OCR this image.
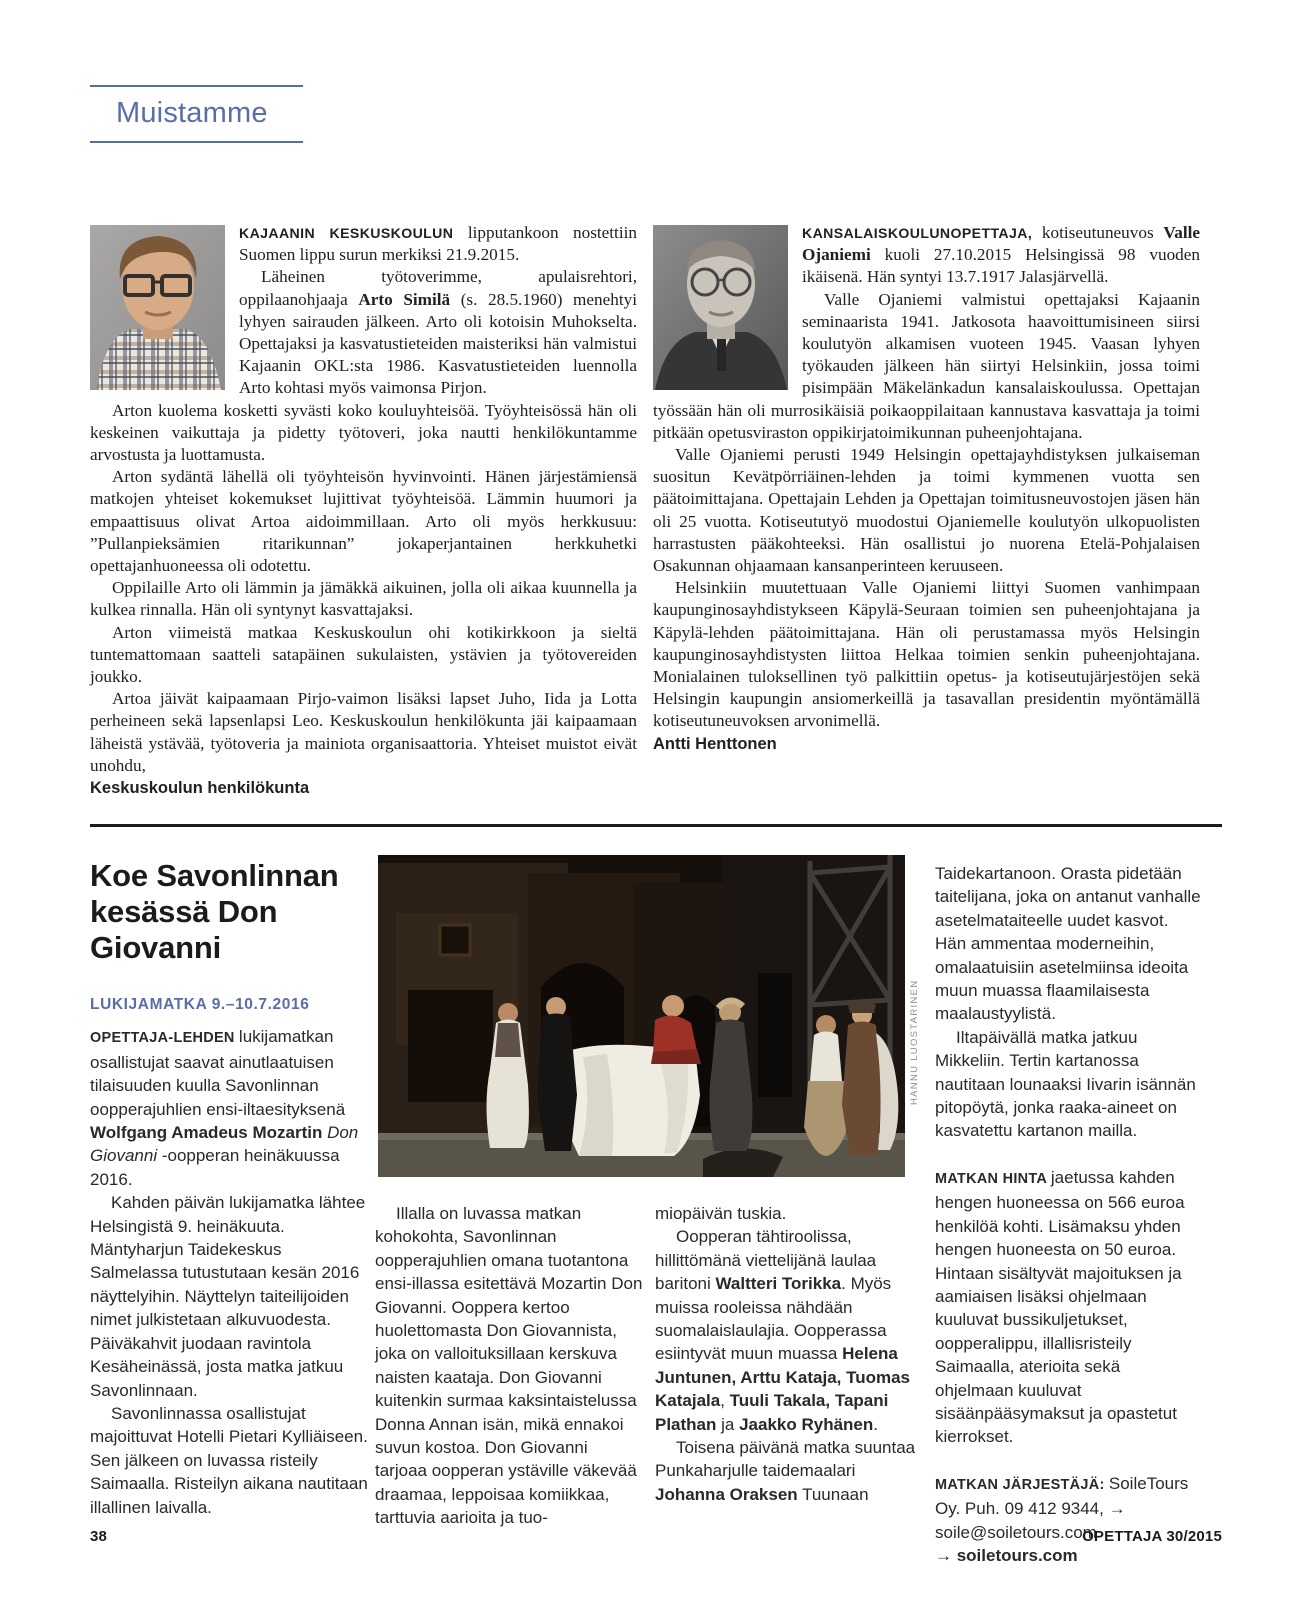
Muistamme

KAJAANIN KESKUSKOULUN lipputankoon nostettiin Suomen lippu surun merkiksi 21.9.2015.

Läheinen työtoverimme, apulaisrehtori, oppilaanohjaaja Arto Similä (s. 28.5.1960) menehtyi lyhyen sairauden jälkeen. Arto oli kotoisin Muhokselta. Opettajaksi ja kasvatustieteiden maisteriksi hän valmistui Kajaanin OKL:sta 1986. Kasvatustieteiden luennolla Arto kohtasi myös vaimonsa Pirjon.

Arton kuolema kosketti syvästi koko kouluyhteisöä. Työyhteisössä hän oli keskeinen vaikuttaja ja pidetty työtoveri, joka nautti henkilökuntamme arvostusta ja luottamusta.

Arton sydäntä lähellä oli työyhteisön hyvinvointi. Hänen järjestämiensä matkojen yhteiset kokemukset lujittivat työyhteisöä. Lämmin huumori ja empaattisuus olivat Artoa aidoimmillaan. Arto oli myös herkkusuu: ”Pullanpieksämien ritarikunnan” jokaperjantainen herkkuhetki opettajanhuoneessa oli odotettu.

Oppilaille Arto oli lämmin ja jämäkkä aikuinen, jolla oli aikaa kuunnella ja kulkea rinnalla. Hän oli syntynyt kasvattajaksi.

Arton viimeistä matkaa Keskuskoulun ohi kotikirkkoon ja sieltä tuntemattomaan saatteli satapäinen sukulaisten, ystävien ja työtovereiden joukko.

Artoa jäivät kaipaamaan Pirjo-vaimon lisäksi lapset Juho, Iida ja Lotta perheineen sekä lapsenlapsi Leo. Keskuskoulun henkilökunta jäi kaipaamaan läheistä ystävää, työtoveria ja mainiota organisaattoria. Yhteiset muistot eivät unohdu,

Keskuskoulun henkilökunta

KANSALAISKOULUNOPETTAJA, kotiseutuneuvos Valle Ojaniemi kuoli 27.10.2015 Helsingissä 98 vuoden ikäisenä. Hän syntyi 13.7.1917 Jalasjärvellä.

Valle Ojaniemi valmistui opettajaksi Kajaanin seminaarista 1941. Jatkosota haavoittumisineen siirsi koulutyön alkamisen vuoteen 1945. Vaasan lyhyen työkauden jälkeen hän siirtyi Helsinkiin, jossa toimi pisimpään Mäkelänkadun kansalaiskoulussa. Opettajan työssään hän oli murrosikäisiä poikaoppilaitaan kannustava kasvattaja ja toimi pitkään opetusviraston oppikirjatoimikunnan puheenjohtajana.

Valle Ojaniemi perusti 1949 Helsingin opettajayhdistyksen julkaiseman suositun Kevätpörriäinen-lehden ja toimi kymmenen vuotta sen päätoimittajana. Opettajain Lehden ja Opettajan toimitusneuvostojen jäsen hän oli 25 vuotta. Kotiseututyö muodostui Ojaniemelle koulutyön ulkopuolisten harrastusten pääkohteeksi. Hän osallistui jo nuorena Etelä-Pohjalaisen Osakunnan ohjaamaan kansanperinteen keruuseen.

Helsinkiin muutettuaan Valle Ojaniemi liittyi Suomen vanhimpaan kaupunginosayhdistykseen Käpylä-Seuraan toimien sen puheenjohtajana ja Käpylä-lehden päätoimittajana. Hän oli perustamassa myös Helsingin kaupunginosayhdistysten liittoa Helkaa toimien senkin puheenjohtajana. Monialainen tuloksellinen työ palkittiin opetus- ja kotiseutujärjestöjen sekä Helsingin kaupungin ansiomerkeillä ja tasavallan presidentin myöntämällä kotiseutuneuvoksen arvonimellä.

Antti Henttonen

Koe Savonlinnan kesässä Don Giovanni
LUKIJAMATKA 9.–10.7.2016

OPETTAJA-LEHDEN lukijamatkan osallistujat saavat ainutlaatuisen tilaisuuden kuulla Savonlinnan oopperajuhlien ensi-iltaesityksenä Wolfgang Amadeus Mozartin Don Giovanni -oopperan heinäkuussa 2016.

Kahden päivän lukijamatka lähtee Helsingistä 9. heinäkuuta. Mäntyharjun Taidekeskus Salmelassa tutustutaan kesän 2016 näyttelyihin. Näyttelyn taiteilijoiden nimet julkistetaan alkuvuodesta. Päiväkahvit juodaan ravintola Kesäheinässä, josta matka jatkuu Savonlinnaan.

Savonlinnassa osallistujat majoittuvat Hotelli Pietari Kylliäiseen. Sen jälkeen on luvassa risteily Saimaalla. Risteilyn aikana nautitaan illallinen laivalla.

HANNU LUOSTARINEN

Illalla on luvassa matkan kohokohta, Savonlinnan oopperajuhlien omana tuotantona ensi-illassa esitettävä Mozartin Don Giovanni. Ooppera kertoo huolettomasta Don Giovannista, joka on valloituksillaan kerskuva naisten kaataja. Don Giovanni kuitenkin surmaa kaksintaistelussa Donna Annan isän, mikä ennakoi suvun kostoa. Don Giovanni tarjoaa oopperan ystäville väkevää draamaa, leppoisaa komiikkaa, tarttuvia aarioita ja tuo-

miopäivän tuskia.

Oopperan tähtiroolissa, hillittömänä viettelijänä laulaa baritoni Waltteri Torikka. Myös muissa rooleissa nähdään suomalaislaulajia. Oopperassa esiintyvät muun muassa Helena Juntunen, Arttu Kataja, Tuomas Katajala, Tuuli Takala, Tapani Plathan ja Jaakko Ryhänen.

Toisena päivänä matka suuntaa Punkaharjulle taidemaalari Johanna Oraksen Tuunaan

Taidekartanoon. Orasta pidetään taitelijana, joka on antanut vanhalle asetelmataiteelle uudet kasvot. Hän ammentaa moderneihin, omalaatuisiin asetelmiinsa ideoita muun muassa flaamilaisesta maalaustyylistä.

Iltapäivällä matka jatkuu Mikkeliin. Tertin kartanossa nautitaan lounaaksi Iivarin isännän pitopöytä, jonka raaka-aineet on kasvatettu kartanon mailla.

MATKAN HINTA jaetussa kahden hengen huoneessa on 566 euroa henkilöä kohti. Lisämaksu yhden hengen huoneesta on 50 euroa. Hintaan sisältyvät majoituksen ja aamiaisen lisäksi ohjelmaan kuuluvat bussikuljetukset, oopperalippu, illallisristeily Saimaalla, aterioita sekä ohjelmaan kuuluvat sisäänpääsymaksut ja opastetut kierrokset.

MATKAN JÄRJESTÄJÄ: SoileTours Oy. Puh. 09 412 9344, → soile@soiletours.com

→ soiletours.com

38	OPETTAJA 30/2015
